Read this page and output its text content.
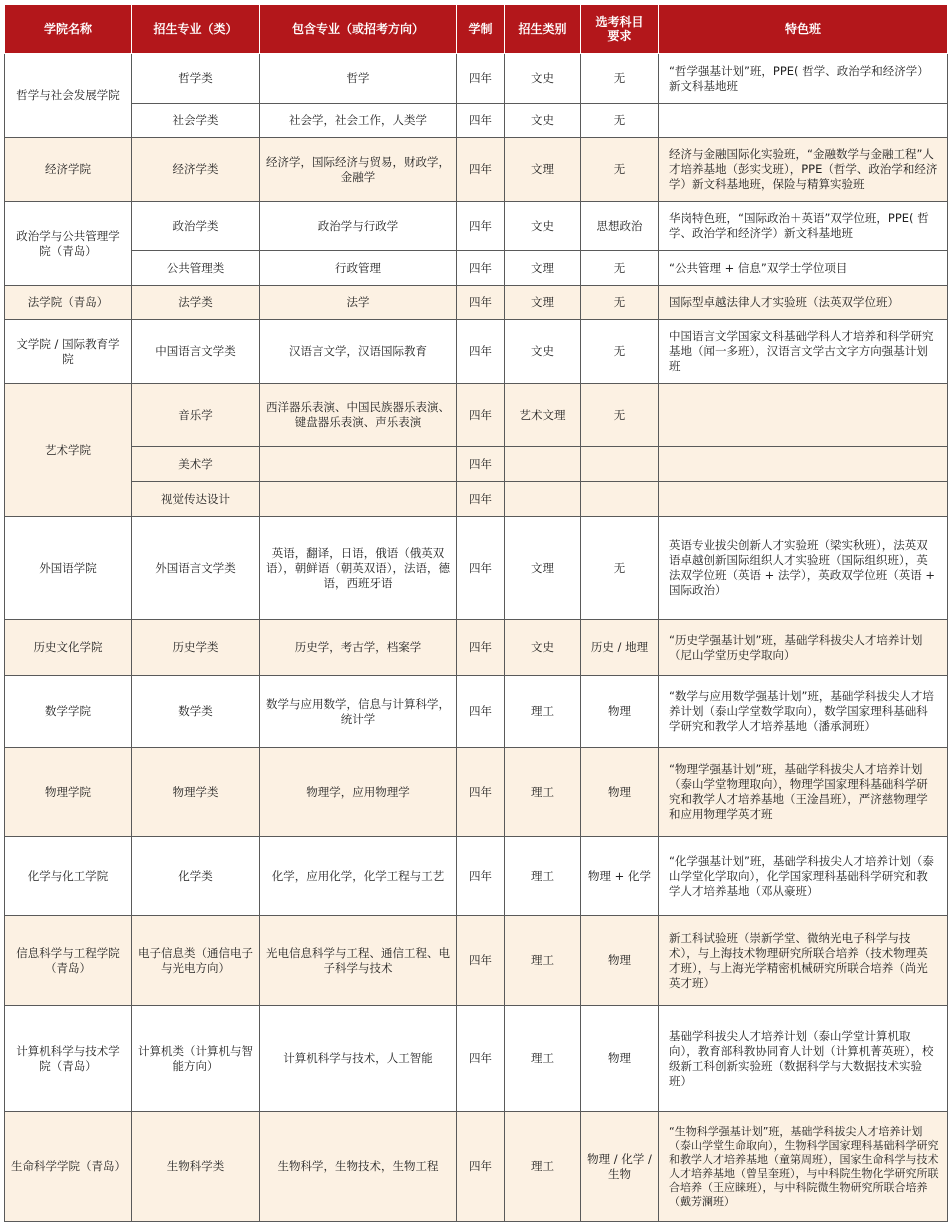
学院名称	招生专业（类）	包含专业（或招考方向）	学制	招生类别	选考科目要求	特色班
哲学与社会发展学院	哲学类	哲学	四年	文史	无	“哲学强基计划”班，PPE( 哲学、政治学和经济学）新文科基地班
	社会学类	社会学，社会工作，人类学	四年	文史	无	
经济学院	经济学类	经济学，国际经济与贸易，财政学，金融学	四年	文理	无	经济与金融国际化实验班，“金融数学与金融工程”人才培养基地（彭实戈班），PPE（哲学、政治学和经济学）新文科基地班，保险与精算实验班
政治学与公共管理学院（青岛）	政治学类	政治学与行政学	四年	文史	思想政治	华岗特色班，“国际政治＋英语”双学位班，PPE( 哲学、政治学和经济学）新文科基地班
	公共管理类	行政管理	四年	文理	无	“公共管理 + 信息”双学士学位项目
法学院（青岛）	法学类	法学	四年	文理	无	国际型卓越法律人才实验班（法英双学位班）
文学院 / 国际教育学院	中国语言文学类	汉语言文学，汉语国际教育	四年	文史	无	中国语言文学国家文科基础学科人才培养和科学研究基地（闻一多班），汉语言文学古文字方向强基计划班
艺术学院	音乐学	西洋器乐表演、中国民族器乐表演、键盘器乐表演、声乐表演	四年	艺术文理	无	
	美术学		四年			
	视觉传达设计		四年			
外国语学院	外国语言文学类	英语，翻译，日语，俄语（俄英双语），朝鲜语（朝英双语），法语，德语，西班牙语	四年	文理	无	英语专业拔尖创新人才实验班（梁实秋班），法英双语卓越创新国际组织人才实验班（国际组织班），英法双学位班（英语 + 法学），英政双学位班（英语 + 国际政治）
历史文化学院	历史学类	历史学，考古学，档案学	四年	文史	历史 / 地理	“历史学强基计划”班，基础学科拔尖人才培养计划（尼山学堂历史学取向）
数学学院	数学类	数学与应用数学，信息与计算科学，统计学	四年	理工	物理	“数学与应用数学强基计划”班，基础学科拔尖人才培养计划（泰山学堂数学取向），数学国家理科基础科学研究和教学人才培养基地（潘承洞班）
物理学院	物理学类	物理学，应用物理学	四年	理工	物理	“物理学强基计划”班，基础学科拔尖人才培养计划（泰山学堂物理取向），物理学国家理科基础科学研究和教学人才培养基地（王淦昌班），严济慈物理学和应用物理学英才班
化学与化工学院	化学类	化学，应用化学，化学工程与工艺	四年	理工	物理 + 化学	“化学强基计划”班，基础学科拔尖人才培养计划（泰山学堂化学取向），化学国家理科基础科学研究和教学人才培养基地（邓从豪班）
信息科学与工程学院（青岛）	电子信息类（通信电子与光电方向）	光电信息科学与工程、通信工程、电子科学与技术	四年	理工	物理	新工科试验班（崇新学堂、微纳光电子科学与技术），与上海技术物理研究所联合培养（技术物理英才班），与上海光学精密机械研究所联合培养（尚光英才班）
计算机科学与技术学院（青岛）	计算机类（计算机与智能方向）	计算机科学与技术，人工智能	四年	理工	物理	基础学科拔尖人才培养计划（泰山学堂计算机取向），教育部科教协同育人计划（计算机菁英班），校级新工科创新实验班（数据科学与大数据技术实验班）
生命科学学院（青岛）	生物科学类	生物科学，生物技术，生物工程	四年	理工	物理 / 化学 / 生物	“生物科学强基计划”班，基础学科拔尖人才培养计划（泰山学堂生命取向），生物科学国家理科基础科学研究和教学人才培养基地（童第周班），国家生命科学与技术人才培养基地（曾呈奎班），与中科院生物化学研究所联合培养（王应睐班），与中科院微生物研究所联合培养（戴芳澜班）
